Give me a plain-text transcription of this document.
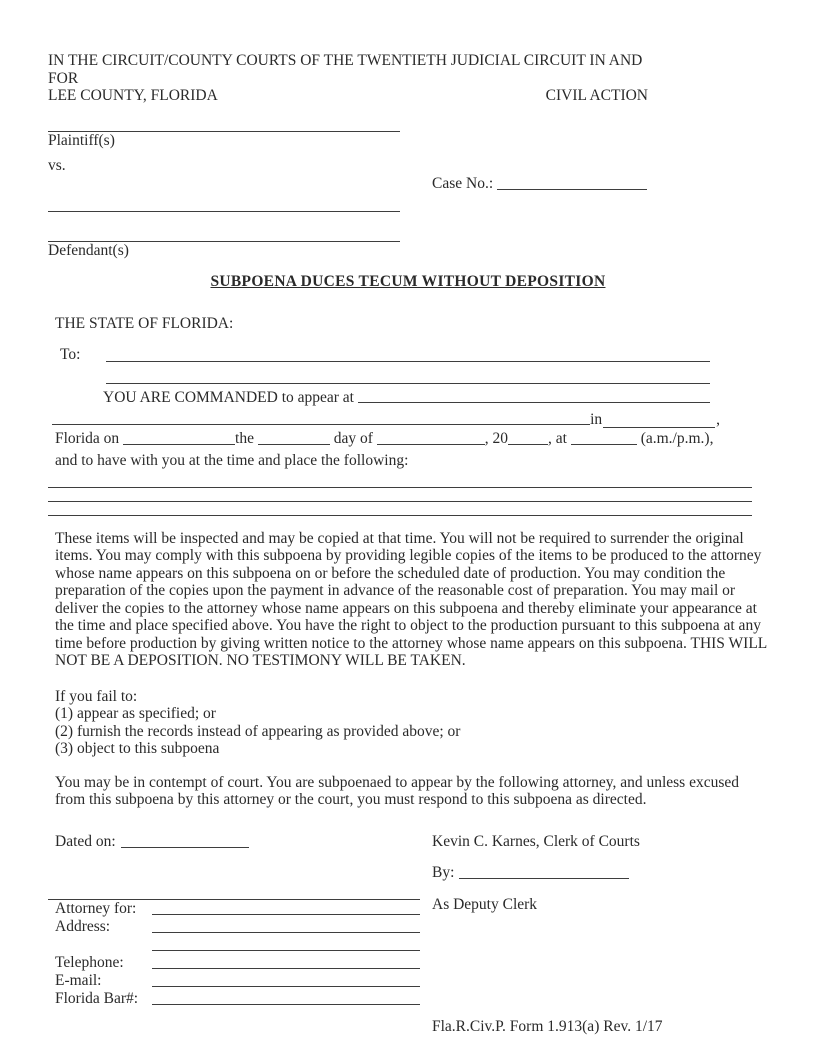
IN THE CIRCUIT/COUNTY COURTS OF THE TWENTIETH JUDICIAL CIRCUIT IN AND FOR
LEE COUNTY, FLORIDA	CIVIL ACTION
Plaintiff(s)
vs.
Case No.:
Defendant(s)
SUBPOENA DUCES TECUM WITHOUT DEPOSITION
THE STATE OF FLORIDA:
To:
YOU ARE COMMANDED to appear at
in	,
Florida on	the	day of	, 20	, at	(a.m./p.m.),
and to have with you at the time and place the following:

These items will be inspected and may be copied at that time. You will not be required to surrender the original items. You may comply with this subpoena by providing legible copies of the items to be produced to the attorney whose name appears on this subpoena on or before the scheduled date of production. You may condition the preparation of the copies upon the payment in advance of the reasonable cost of preparation. You may mail or deliver the copies to the attorney whose name appears on this subpoena and thereby eliminate your appearance at the time and place specified above. You have the right to object to the production pursuant to this subpoena at any time before production by giving written notice to the attorney whose name appears on this subpoena. THIS WILL NOT BE A DEPOSITION. NO TESTIMONY WILL BE TAKEN.

If you fail to:
(1) appear as specified; or
(2) furnish the records instead of appearing as provided above; or
(3) object to this subpoena

You may be in contempt of court. You are subpoenaed to appear by the following attorney, and unless excused from this subpoena by this attorney or the court, you must respond to this subpoena as directed.

Dated on:
Attorney for:
Address:
Telephone:
E-mail:
Florida Bar#:
Kevin C. Karnes, Clerk of Courts
By:
As Deputy Clerk
Fla.R.Civ.P. Form 1.913(a) Rev. 1/17
